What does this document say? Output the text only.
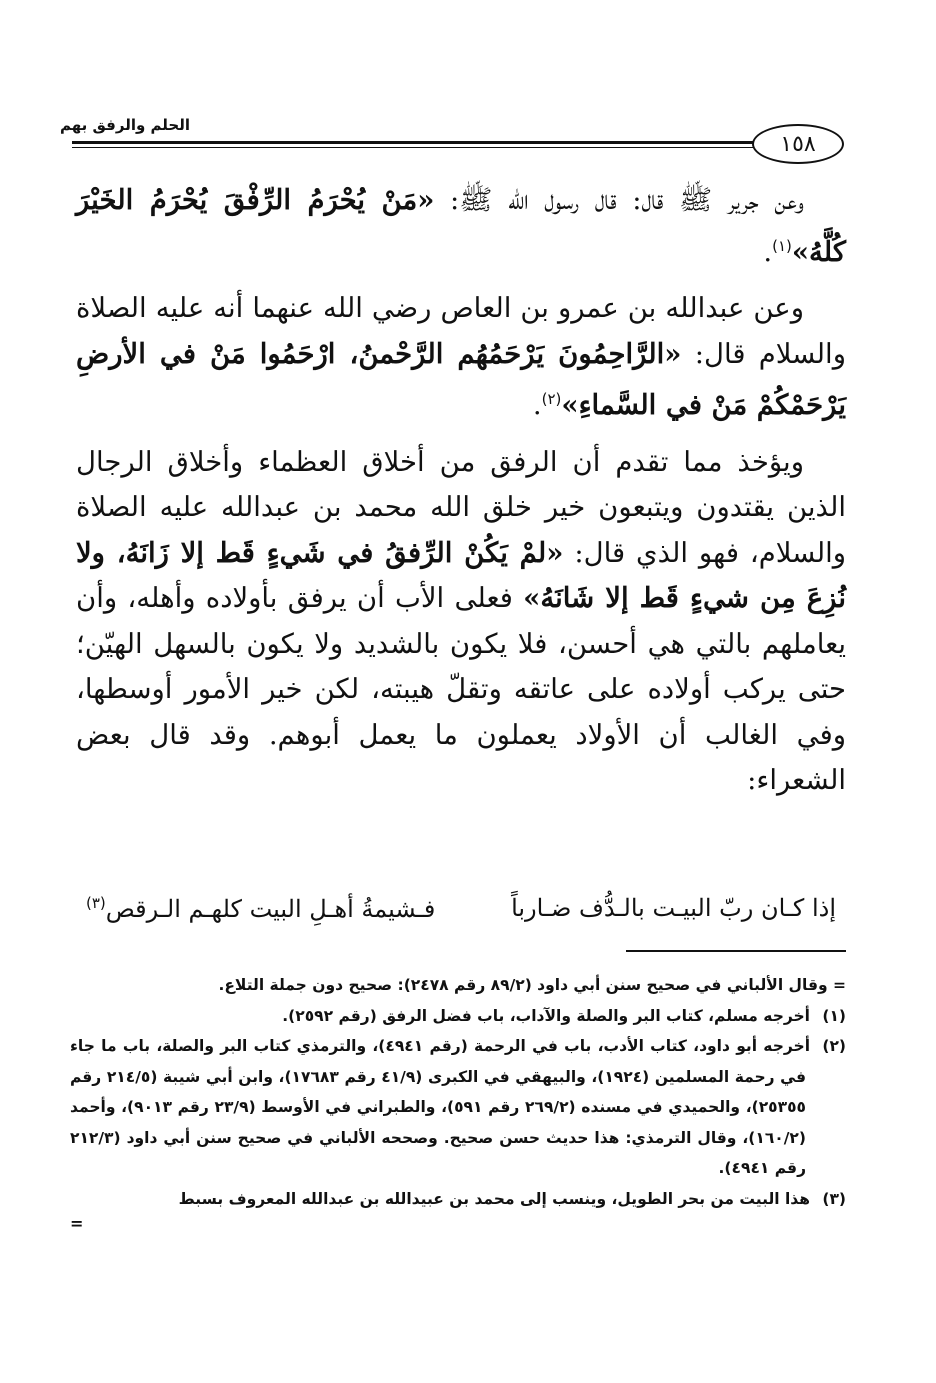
الحلم والرفق بهم
١٥٨

وعن جرير ﷺ قال: قال رسول الله ﷺ: «مَنْ يُحْرَمُ الرِّفْقَ يُحْرَمُ الخَيْرَ كُلَّهُ»$^{(١)}$.

وعن عبدالله بن عمرو بن العاص رضي الله عنهما أنه عليه الصلاة والسلام قال: «الرَّاحِمُونَ يَرْحَمُهُم الرَّحْمنُ، ارْحَمُوا مَنْ في الأرضِ يَرْحَمْكُمْ مَنْ في السَّماءِ»$^{(٢)}$.

ويؤخذ مما تقدم أن الرفق من أخلاق العظماء وأخلاق الرجال الذين يقتدون ويتبعون خير خلق الله محمد بن عبدالله عليه الصلاة والسلام، فهو الذي قال: «لمْ يَكُنْ الرِّفقُ في شَيءٍ قَط إلا زَانَهُ، ولا نُزِعَ مِن شيءٍ قَط إلا شَانَهُ» فعلى الأب أن يرفق بأولاده وأهله، وأن يعاملهم بالتي هي أحسن، فلا يكون بالشديد ولا يكون بالسهل الهيّن؛ حتى يركب أولاده على عاتقه وتقلّ هيبته، لكن خير الأمور أوسطها، وفي الغالب أن الأولاد يعملون ما يعمل أبوهم. وقد قال بعض الشعراء:

إذا كـان ربّ البيـت بالـدُّف ضـارباً
فـشيمةُ أهـلِ البيت كلهـم الـرقص$^{(٣)}$

= وقال الألباني في صحيح سنن أبي داود (٨٩/٢ رقم ٢٤٧٨): صحيح دون جملة التلاع.

(١)أخرجه مسلم، كتاب البر والصلة والآداب، باب فضل الرفق (رقم ٢٥٩٢).

(٢)أخرجه أبو داود، كتاب الأدب، باب في الرحمة (رقم ٤٩٤١)، والترمذي كتاب البر والصلة، باب ما جاء في رحمة المسلمين (١٩٢٤)، والبيهقي في الكبرى (٤١/٩ رقم ١٧٦٨٣)، وابن أبي شيبة (٢١٤/٥ رقم ٢٥٣٥٥)، والحميدي في مسنده (٢٦٩/٢ رقم ٥٩١)، والطبراني في الأوسط (٢٣/٩ رقم ٩٠١٣)، وأحمد (١٦٠/٢)، وقال الترمذي: هذا حديث حسن صحيح. وصححه الألباني في صحيح سنن أبي داود (٢١٢/٣ رقم ٤٩٤١).

(٣)هذا البيت من بحر الطويل، وينسب إلى محمد بن عبيدالله بن عبدالله المعروف بسبط

=
